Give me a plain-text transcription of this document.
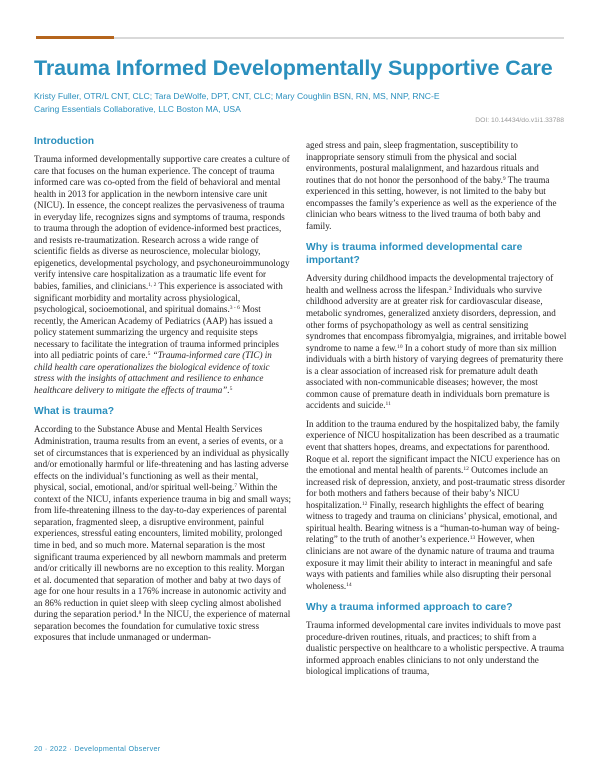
Trauma Informed Developmentally Supportive Care
Kristy Fuller, OTR/L CNT, CLC; Tara DeWolfe, DPT, CNT, CLC; Mary Coughlin BSN, RN, MS, NNP, RNC-E
Caring Essentials Collaborative, LLC Boston MA, USA
DOI: 10.14434/do.v1i1.33788
Introduction

Trauma informed developmentally supportive care creates a culture of care that focuses on the human experience. The concept of trauma informed care was co-opted from the field of behavioral and mental health in 2013 for application in the newborn intensive care unit (NICU). In essence, the concept realizes the pervasiveness of trauma in everyday life, recognizes signs and symptoms of trauma, responds to trauma through the adoption of evidence-informed best practices, and resists re-traumatization. Research across a wide range of scientific fields as diverse as neuroscience, molecular biology, epigenetics, developmental psychology, and psychoneuroimmunology verify intensive care hospitalization as a traumatic life event for babies, families, and clinicians.$^{1, 2}$ This experience is associated with significant morbidity and mortality across physiological, psychological, socioemotional, and spiritual domains.$^{3 - 6}$ Most recently, the American Academy of Pediatrics (AAP) has issued a policy statement summarizing the urgency and requisite steps necessary to facilitate the integration of trauma informed principles into all pediatric points of care.$^5$ “Trauma-informed care (TIC) in child health care operationalizes the biological evidence of toxic stress with the insights of attachment and resilience to enhance healthcare delivery to mitigate the effects of trauma”.$^5$

What is trauma?

According to the Substance Abuse and Mental Health Services Administration, trauma results from an event, a series of events, or a set of circumstances that is experienced by an individual as physically and/or emotionally harmful or life-threatening and has lasting adverse effects on the individual’s functioning as well as their mental, physical, social, emotional, and/or spiritual well-being.$^7$ Within the context of the NICU, infants experience trauma in big and small ways; from life-threatening illness to the day-to-day experiences of parental separation, fragmented sleep, a disruptive environment, painful experiences, stressful eating encounters, limited mobility, prolonged time in bed, and so much more. Maternal separation is the most significant trauma experienced by all newborn mammals and preterm and/or critically ill newborns are no exception to this reality. Morgan et al. documented that separation of mother and baby at two days of age for one hour results in a 176% increase in autonomic activity and an 86% reduction in quiet sleep with sleep cycling almost abolished during the separation period.$^8$ In the NICU, the experience of maternal separation becomes the foundation for cumulative toxic stress exposures that include unmanaged or underman-

aged stress and pain, sleep fragmentation, susceptibility to inappropriate sensory stimuli from the physical and social environments, postural malalignment, and hazardous rituals and routines that do not honor the personhood of the baby.$^9$ The trauma experienced in this setting, however, is not limited to the baby but encompasses the family’s experience as well as the experience of the clinician who bears witness to the lived trauma of both baby and family.

Why is trauma informed developmental care important?

Adversity during childhood impacts the developmental trajectory of health and wellness across the lifespan.$^2$ Individuals who survive childhood adversity are at greater risk for cardiovascular disease, metabolic syndromes, generalized anxiety disorders, depression, and other forms of psychopathology as well as central sensitizing syndromes that encompass fibromyalgia, migraines, and irritable bowel syndrome to name a few.$^{10}$ In a cohort study of more than six million individuals with a birth history of varying degrees of prematurity there is a clear association of increased risk for premature adult death associated with non-communicable diseases; however, the most common cause of premature death in individuals born premature is accidents and suicide.$^{11}$

In addition to the trauma endured by the hospitalized baby, the family experience of NICU hospitalization has been described as a traumatic event that shatters hopes, dreams, and expectations for parenthood. Roque et al. report the significant impact the NICU experience has on the emotional and mental health of parents.$^{12}$ Outcomes include an increased risk of depression, anxiety, and post-traumatic stress disorder for both mothers and fathers because of their baby’s NICU hospitalization.$^{12}$ Finally, research highlights the effect of bearing witness to tragedy and trauma on clinicians’ physical, emotional, and spiritual health. Bearing witness is a “human-to-human way of being-relating” to the truth of another’s experience.$^{13}$ However, when clinicians are not aware of the dynamic nature of trauma and trauma exposure it may limit their ability to interact in meaningful and safe ways with patients and families while also disrupting their personal wholeness.$^{14}$

Why a trauma informed approach to care?

Trauma informed developmental care invites individuals to move past procedure-driven routines, rituals, and practices; to shift from a dualistic perspective on healthcare to a wholistic perspective. A trauma informed approach enables clinicians to not only understand the biological implications of trauma,

20 · 2022 · Developmental Observer
